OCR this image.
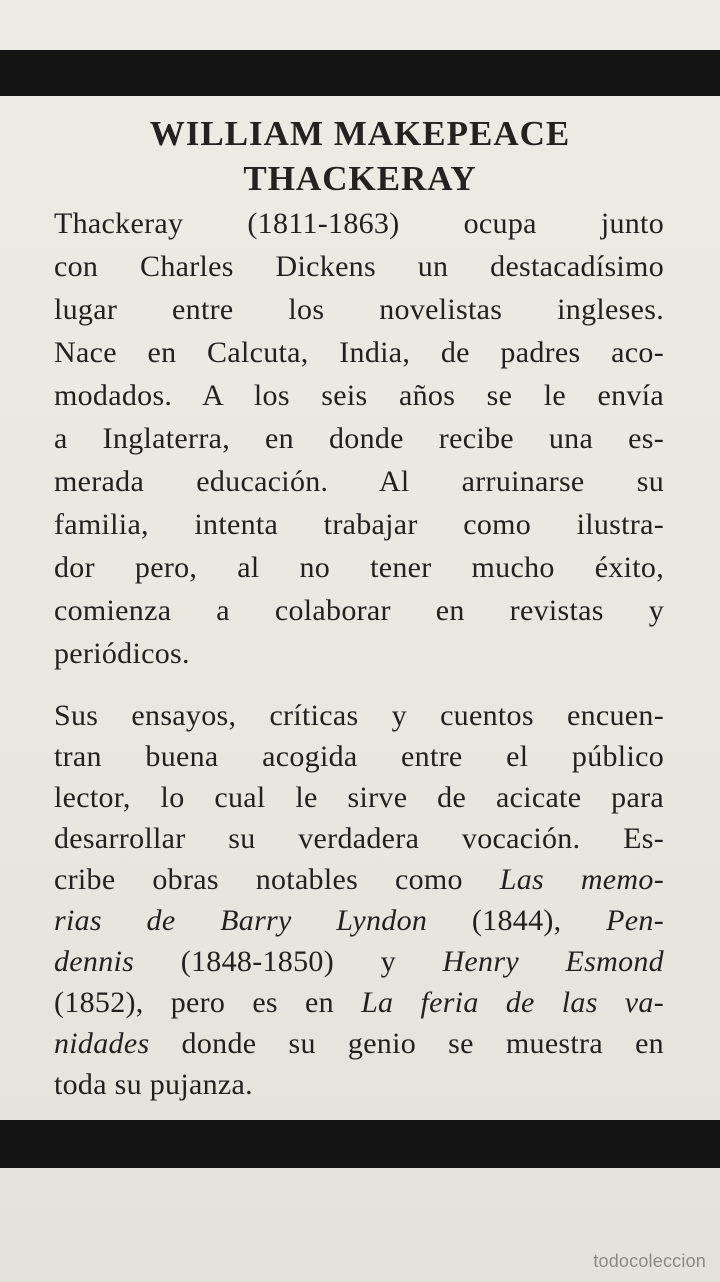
WILLIAM MAKEPEACE
THACKERAY
Thackeray (1811-1863) ocupa junto
con Charles Dickens un destacadísimo
lugar entre los novelistas ingleses.
Nace en Calcuta, India, de padres aco-
modados. A los seis años se le envía
a Inglaterra, en donde recibe una es-
merada educación. Al arruinarse su
familia, intenta trabajar como ilustra-
dor pero, al no tener mucho éxito,
comienza a colaborar en revistas y
periódicos.
Sus ensayos, críticas y cuentos encuen-
tran buena acogida entre el público
lector, lo cual le sirve de acicate para
desarrollar su verdadera vocación. Es-
cribe obras notables como Las memo-
rias de Barry Lyndon (1844), Pen-
dennis (1848-1850) y Henry Esmond
(1852), pero es en La feria de las va-
nidades donde su genio se muestra en
toda su pujanza.
todocoleccion
